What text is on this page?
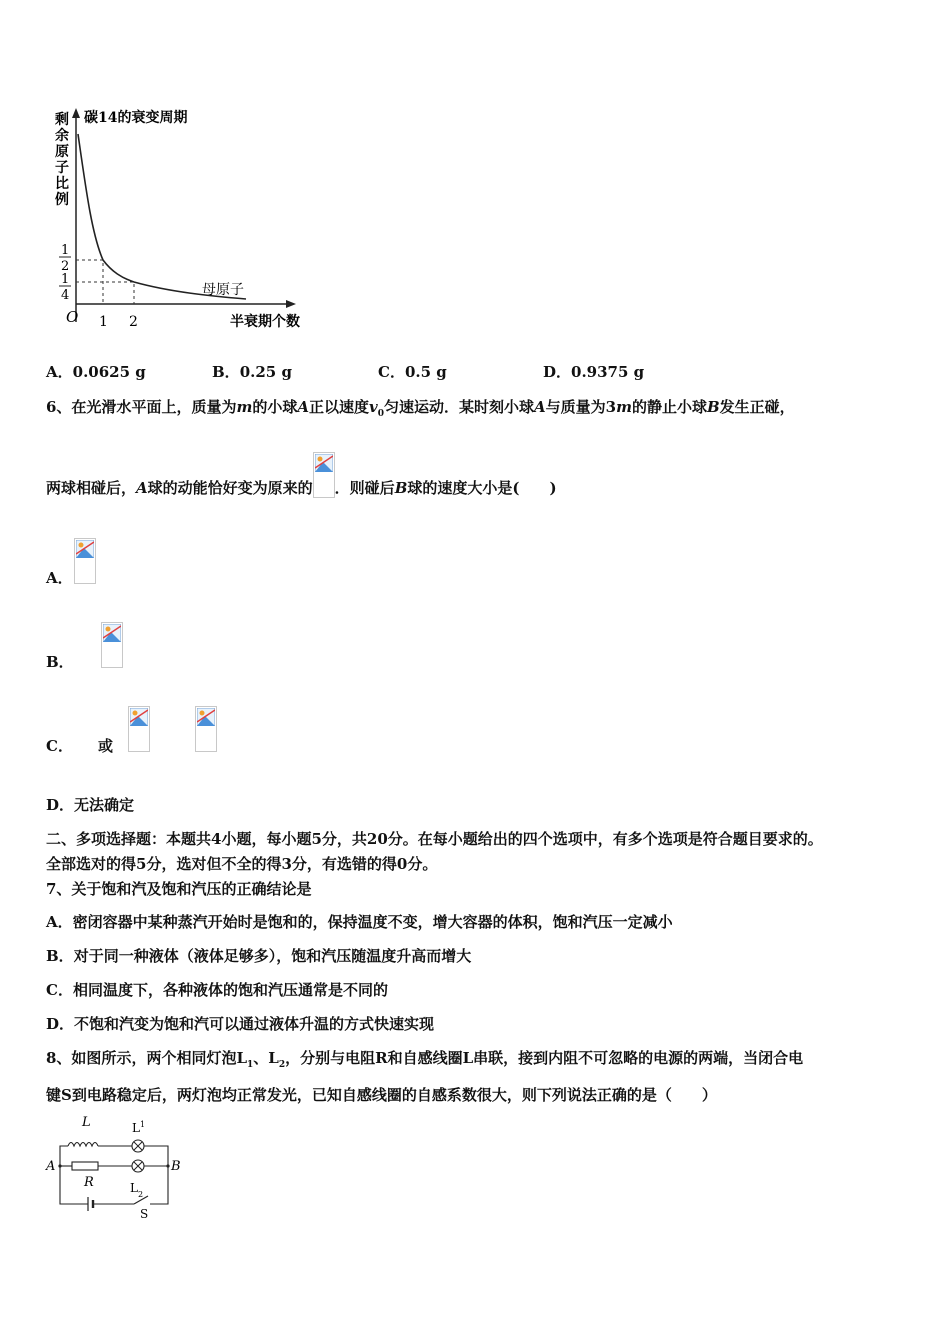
剩
余
原
子
比
例
碳14的衰变周期
1
2
1
4	母原子
O 1 2	半衰期个数
A．0.0625 g	B．0.25 g	C．0.5 g	D．0.9375 g
6、在光滑水平面上，质量为m的小球A正以速度$v_0$匀速运动．某时刻小球A与质量为3m的静止小球B发生正碰，
两球相碰后，A球的动能恰好变为原来的 ．则碰后B球的速度大小是(　　)
A．

B．

C．
或
D．无法确定
二、多项选择题：本题共4小题，每小题5分，共20分。在每小题给出的四个选项中，有多个选项是符合题目要求的。
全部选对的得5分，选对但不全的得3分，有选错的得0分。
7、关于饱和汽及饱和汽压的正确结论是
A．密闭容器中某种蒸汽开始时是饱和的，保持温度不变，增大容器的体积，饱和汽压一定减小
B．对于同一种液体（液体足够多），饱和汽压随温度升高而增大
C．相同温度下，各种液体的饱和汽压通常是不同的
D．不饱和汽变为饱和汽可以通过液体升温的方式快速实现
8、如图所示，两个相同灯泡$L_1$、$L_2$，分别与电阻R和自感线圈L串联，接到内阻不可忽略的电源的两端，当闭合电
键S到电路稳定后，两灯泡均正常发光，已知自感线圈的自感系数很大，则下列说法正确的是（　　）
L	$L^1$
A	B
R	$L_2$
S
